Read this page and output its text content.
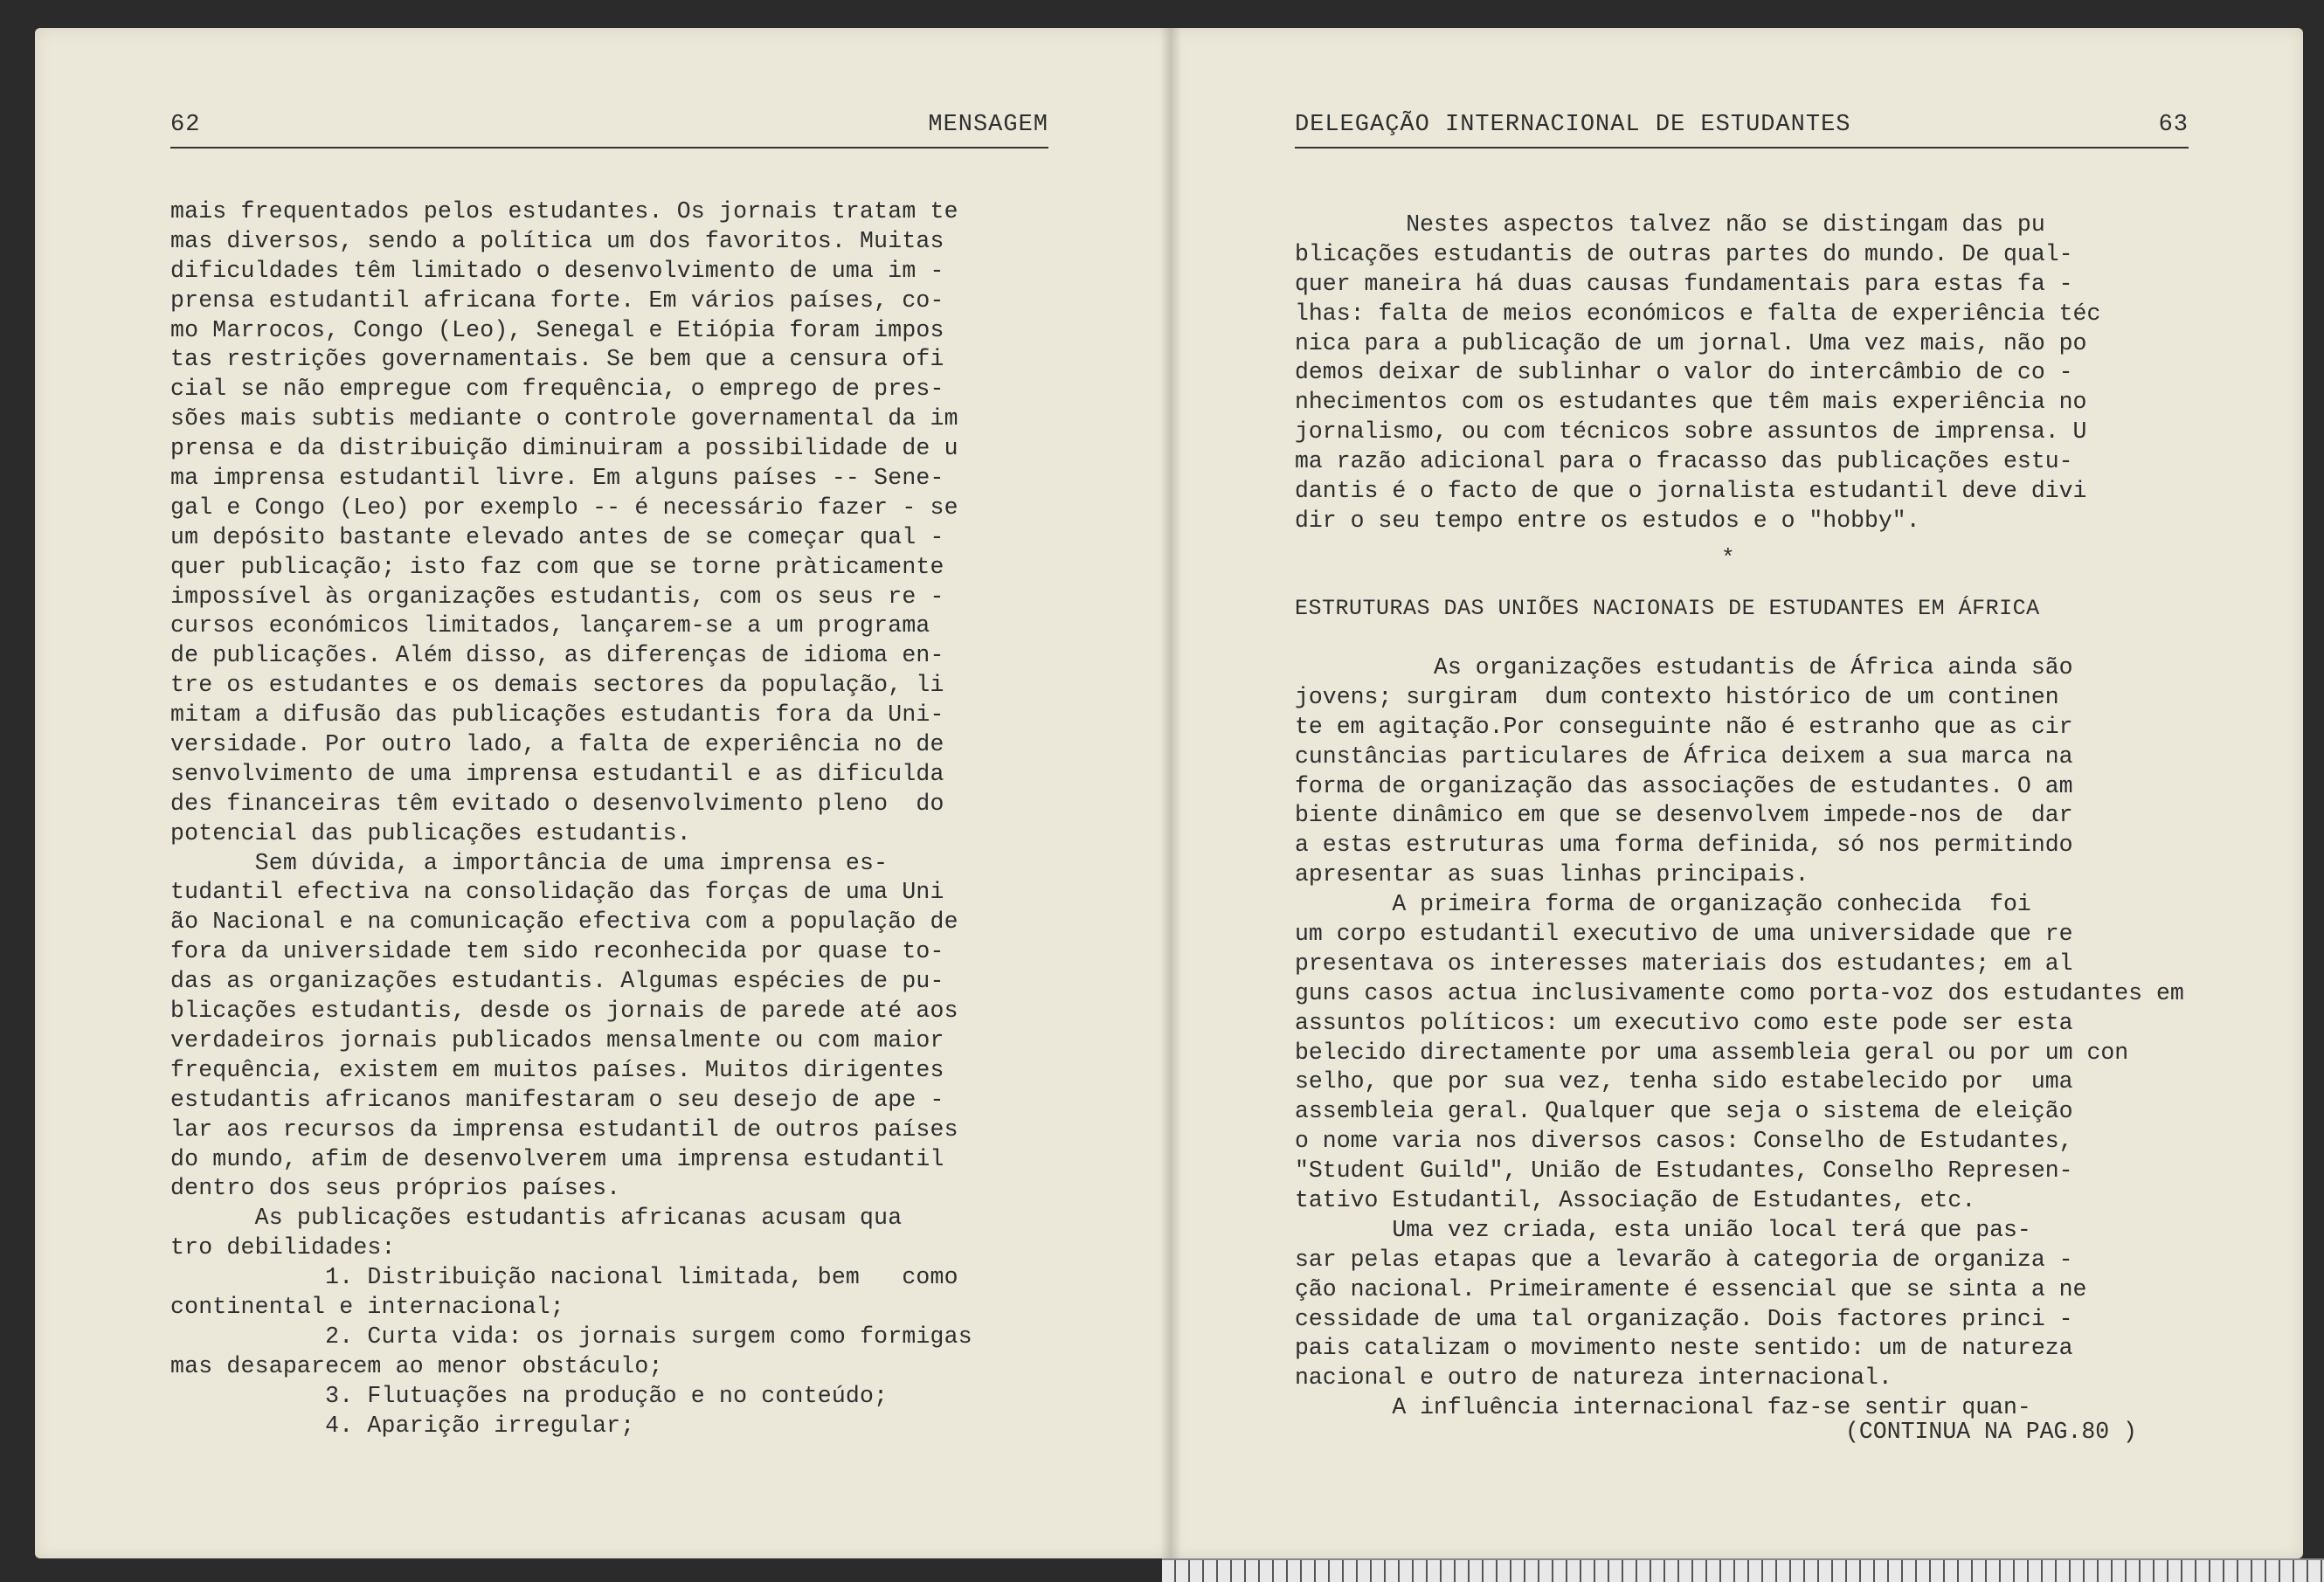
62	MENSAGEM	DELEGAÇÃO INTERNACIONAL DE ESTUDANTES	63
mais frequentados pelos estudantes. Os jornais tratam te
mas diversos, sendo a política um dos favoritos. Muitas
dificuldades têm limitado o desenvolvimento de uma im -
prensa estudantil africana forte. Em vários países, co-
mo Marrocos, Congo (Leo), Senegal e Etiópia foram impos
tas restrições governamentais. Se bem que a censura ofi
cial se não empregue com frequência, o emprego de pres-
sões mais subtis mediante o controle governamental da im
prensa e da distribuição diminuiram a possibilidade de u
ma imprensa estudantil livre. Em alguns países -- Sene-
gal e Congo (Leo) por exemplo -- é necessário fazer - se
um depósito bastante elevado antes de se começar qual -
quer publicação; isto faz com que se torne pràticamente
impossível às organizações estudantis, com os seus re -
cursos económicos limitados, lançarem-se a um programa
de publicações. Além disso, as diferenças de idioma en-
tre os estudantes e os demais sectores da população, li
mitam a difusão das publicações estudantis fora da Uni-
versidade. Por outro lado, a falta de experiência no de
senvolvimento de uma imprensa estudantil e as dificulda
des financeiras têm evitado o desenvolvimento pleno  do
potencial das publicações estudantis.
Sem dúvida, a importância de uma imprensa es-
tudantil efectiva na consolidação das forças de uma Uni
ão Nacional e na comunicação efectiva com a população de
fora da universidade tem sido reconhecida por quase to-
das as organizações estudantis. Algumas espécies de pu-
blicações estudantis, desde os jornais de parede até aos
verdadeiros jornais publicados mensalmente ou com maior
frequência, existem em muitos países. Muitos dirigentes
estudantis africanos manifestaram o seu desejo de ape -
lar aos recursos da imprensa estudantil de outros países
do mundo, afim de desenvolverem uma imprensa estudantil
dentro dos seus próprios países.
As publicações estudantis africanas acusam qua
tro debilidades:
1. Distribuição nacional limitada, bem   como
continental e internacional;
2. Curta vida: os jornais surgem como formigas
mas desaparecem ao menor obstáculo;
3. Flutuações na produção e no conteúdo;
4. Aparição irregular;
Nestes aspectos talvez não se distingam das pu
blicações estudantis de outras partes do mundo. De qual-
quer maneira há duas causas fundamentais para estas fa -
lhas: falta de meios económicos e falta de experiência téc
nica para a publicação de um jornal. Uma vez mais, não po
demos deixar de sublinhar o valor do intercâmbio de co -
nhecimentos com os estudantes que têm mais experiência no
jornalismo, ou com técnicos sobre assuntos de imprensa. U
ma razão adicional para o fracasso das publicações estu-
dantis é o facto de que o jornalista estudantil deve divi
dir o seu tempo entre os estudos e o "hobby".
*
ESTRUTURAS DAS UNIÕES NACIONAIS DE ESTUDANTES EM ÁFRICA
As organizações estudantis de África ainda são
jovens; surgiram  dum contexto histórico de um continen
te em agitação.Por conseguinte não é estranho que as cir
cunstâncias particulares de África deixem a sua marca na
forma de organização das associações de estudantes. O am
biente dinâmico em que se desenvolvem impede-nos de  dar
a estas estruturas uma forma definida, só nos permitindo
apresentar as suas linhas principais.
A primeira forma de organização conhecida  foi
um corpo estudantil executivo de uma universidade que re
presentava os interesses materiais dos estudantes; em al
guns casos actua inclusivamente como porta-voz dos estudantes em
assuntos políticos: um executivo como este pode ser esta
belecido directamente por uma assembleia geral ou por um con
selho, que por sua vez, tenha sido estabelecido por  uma
assembleia geral. Qualquer que seja o sistema de eleição
o nome varia nos diversos casos: Conselho de Estudantes,
"Student Guild", União de Estudantes, Conselho Represen-
tativo Estudantil, Associação de Estudantes, etc.
Uma vez criada, esta união local terá que pas-
sar pelas etapas que a levarão à categoria de organiza -
ção nacional. Primeiramente é essencial que se sinta a ne
cessidade de uma tal organização. Dois factores princi -
pais catalizam o movimento neste sentido: um de natureza
nacional e outro de natureza internacional.
A influência internacional faz-se sentir quan-
(CONTINUA NA PAG.80 )
